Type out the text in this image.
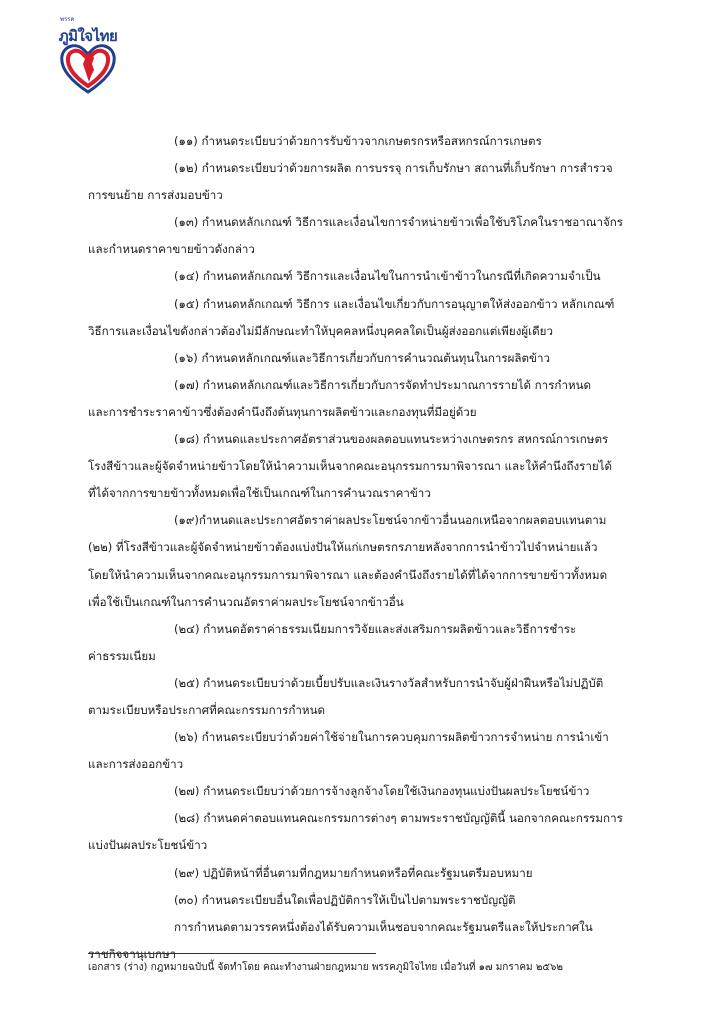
พรรค
ภูมิใจไทย
(๑๑) กำหนดระเบียบว่าด้วยการรับข้าวจากเกษตรกรหรือสหกรณ์การเกษตร
(๑๒) กำหนดระเบียบว่าด้วยการผลิต การบรรจุ การเก็บรักษา สถานที่เก็บรักษา การสำรวจ
การขนย้าย การส่งมอบข้าว
(๑๓) กำหนดหลักเกณฑ์ วิธีการและเงื่อนไขการจำหน่ายข้าวเพื่อใช้บริโภคในราชอาณาจักร
และกำหนดราคาขายข้าวดังกล่าว
(๑๔) กำหนดหลักเกณฑ์ วิธีการและเงื่อนไขในการนำเข้าข้าวในกรณีที่เกิดความจำเป็น
(๑๕) กำหนดหลักเกณฑ์ วิธีการ และเงื่อนไขเกี่ยวกับการอนุญาตให้ส่งออกข้าว หลักเกณฑ์
วิธีการและเงื่อนไขดังกล่าวต้องไม่มีลักษณะทำให้บุคคลหนึ่งบุคคลใดเป็นผู้ส่งออกแต่เพียงผู้เดียว
(๑๖) กำหนดหลักเกณฑ์และวิธีการเกี่ยวกับการคำนวณต้นทุนในการผลิตข้าว
(๑๗) กำหนดหลักเกณฑ์และวิธีการเกี่ยวกับการจัดทำประมาณการรายได้ การกำหนด
และการชำระราคาข้าวซึ่งต้องคำนึงถึงต้นทุนการผลิตข้าวและกองทุนที่มีอยู่ด้วย
(๑๘) กำหนดและประกาศอัตราส่วนของผลตอบแทนระหว่างเกษตรกร สหกรณ์การเกษตร
โรงสีข้าวและผู้จัดจำหน่ายข้าวโดยให้นำความเห็นจากคณะอนุกรรมการมาพิจารณา และให้คำนึงถึงรายได้
ที่ได้จากการขายข้าวทั้งหมดเพื่อใช้เป็นเกณฑ์ในการคำนวณราคาข้าว
(๑๙)กำหนดและประกาศอัตราค่าผลประโยชน์จากข้าวอื่นนอกเหนือจากผลตอบแทนตาม
(๒๒) ที่โรงสีข้าวและผู้จัดจำหน่ายข้าวต้องแบ่งปันให้แก่เกษตรกรภายหลังจากการนำข้าวไปจำหน่ายแล้ว
โดยให้นำความเห็นจากคณะอนุกรรมการมาพิจารณา และต้องคำนึงถึงรายได้ที่ได้จากการขายข้าวทั้งหมด
เพื่อใช้เป็นเกณฑ์ในการคำนวณอัตราค่าผลประโยชน์จากข้าวอื่น
(๒๔) กำหนดอัตราค่าธรรมเนียมการวิจัยและส่งเสริมการผลิตข้าวและวิธีการชำระ
ค่าธรรมเนียม
(๒๕) กำหนดระเบียบว่าด้วยเบี้ยปรับและเงินรางวัลสำหรับการนำจับผู้ฝ่าฝืนหรือไม่ปฏิบัติ
ตามระเบียบหรือประกาศที่คณะกรรมการกำหนด
(๒๖) กำหนดระเบียบว่าด้วยค่าใช้จ่ายในการควบคุมการผลิตข้าวการจำหน่าย การนำเข้า
และการส่งออกข้าว
(๒๗) กำหนดระเบียบว่าด้วยการจ้างลูกจ้างโดยใช้เงินกองทุนแบ่งปันผลประโยชน์ข้าว
(๒๘) กำหนดค่าตอบแทนคณะกรรมการต่างๆ ตามพระราชบัญญัตินี้ นอกจากคณะกรรมการ
แบ่งปันผลประโยชน์ข้าว
(๒๙) ปฏิบัติหน้าที่อื่นตามที่กฎหมายกำหนดหรือที่คณะรัฐมนตรีมอบหมาย
(๓๐) กำหนดระเบียบอื่นใดเพื่อปฏิบัติการให้เป็นไปตามพระราชบัญญัติ
การกำหนดตามวรรคหนึ่งต้องได้รับความเห็นชอบจากคณะรัฐมนตรีและให้ประกาศใน
ราชกิจจานุเบกษา
เอกสาร (ร่าง) กฎหมายฉบับนี้ จัดทำโดย คณะทำงานฝ่ายกฎหมาย พรรคภูมิใจไทย เมื่อวันที่ ๑๗ มกราคม ๒๕๖๒
